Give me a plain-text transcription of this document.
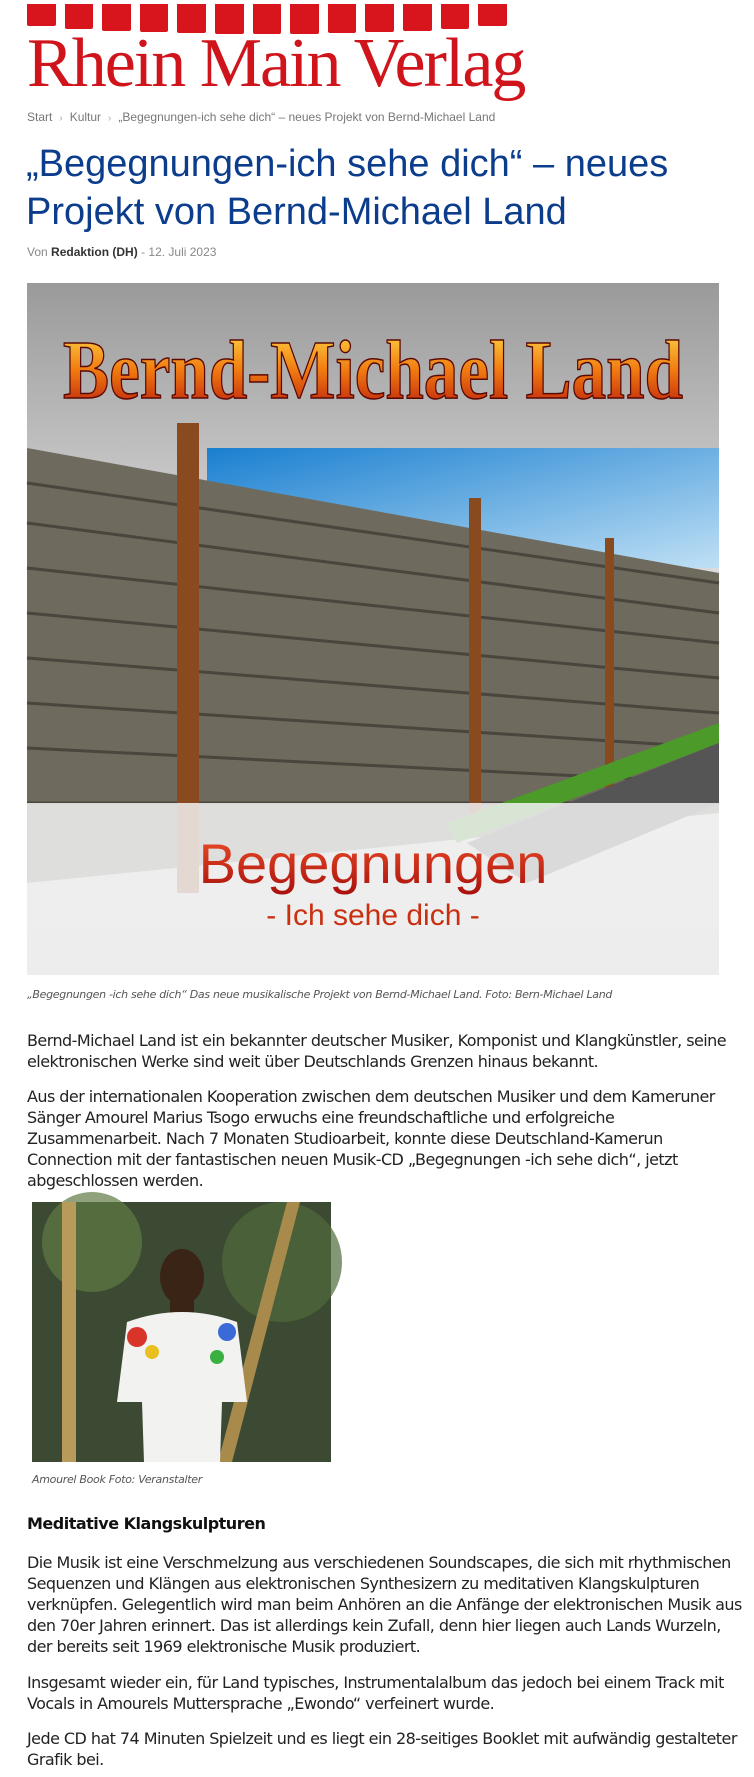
Rhein Main Verlag
Start › Kultur › „Begegnungen-ich sehe dich“ – neues Projekt von Bernd-Michael Land
„Begegnungen-ich sehe dich“ – neues
Projekt von Bernd-Michael Land
Von Redaktion (DH) - 12. Juli 2023
Bernd-Michael Land
Begegnungen
- Ich sehe dich -
„Begegnungen -ich sehe dich“ Das neue musikalische Projekt von Bernd-Michael Land. Foto: Bern-Michael Land
Bernd-Michael Land ist ein bekannter deutscher Musiker, Komponist und Klangkünstler, seine
elektronischen Werke sind weit über Deutschlands Grenzen hinaus bekannt.
Aus der internationalen Kooperation zwischen dem deutschen Musiker und dem Kameruner
Sänger Amourel Marius Tsogo erwuchs eine freundschaftliche und erfolgreiche
Zusammenarbeit. Nach 7 Monaten Studioarbeit, konnte diese Deutschland-Kamerun
Connection mit der fantastischen neuen Musik-CD „Begegnungen -ich sehe dich“, jetzt
abgeschlossen werden.
Amourel Book Foto: Veranstalter
Meditative Klangskulpturen
Die Musik ist eine Verschmelzung aus verschiedenen Soundscapes, die sich mit rhythmischen
Sequenzen und Klängen aus elektronischen Synthesizern zu meditativen Klangskulpturen
verknüpfen. Gelegentlich wird man beim Anhören an die Anfänge der elektronischen Musik aus
den 70er Jahren erinnert. Das ist allerdings kein Zufall, denn hier liegen auch Lands Wurzeln,
der bereits seit 1969 elektronische Musik produziert.
Insgesamt wieder ein, für Land typisches, Instrumentalalbum das jedoch bei einem Track mit
Vocals in Amourels Muttersprache „Ewondo“ verfeinert wurde.
Jede CD hat 74 Minuten Spielzeit und es liegt ein 28-seitiges Booklet mit aufwändig gestalteter
Grafik bei.
